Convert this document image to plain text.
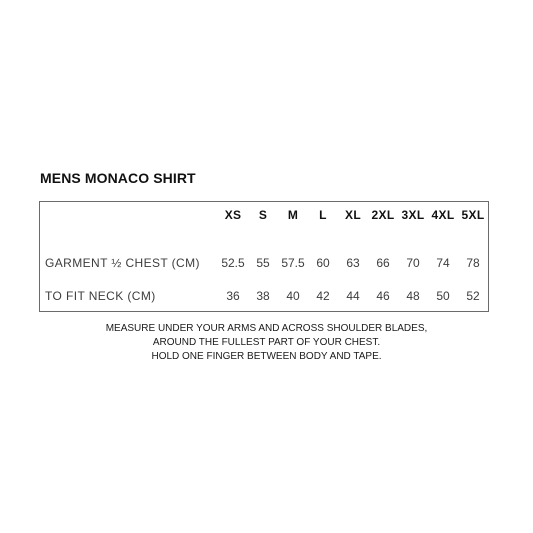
MENS MONACO SHIRT
XS S M L XL 2XL 3XL 4XL 5XL
GARMENT ½ CHEST (CM) 52.5 55 57.5 60 63 66 70 74 78
TO FIT NECK (CM)	36 38 40 42 44 46 48 50 52
MEASURE UNDER YOUR ARMS AND ACROSS SHOULDER BLADES,
AROUND THE FULLEST PART OF YOUR CHEST.
HOLD ONE FINGER BETWEEN BODY AND TAPE.
